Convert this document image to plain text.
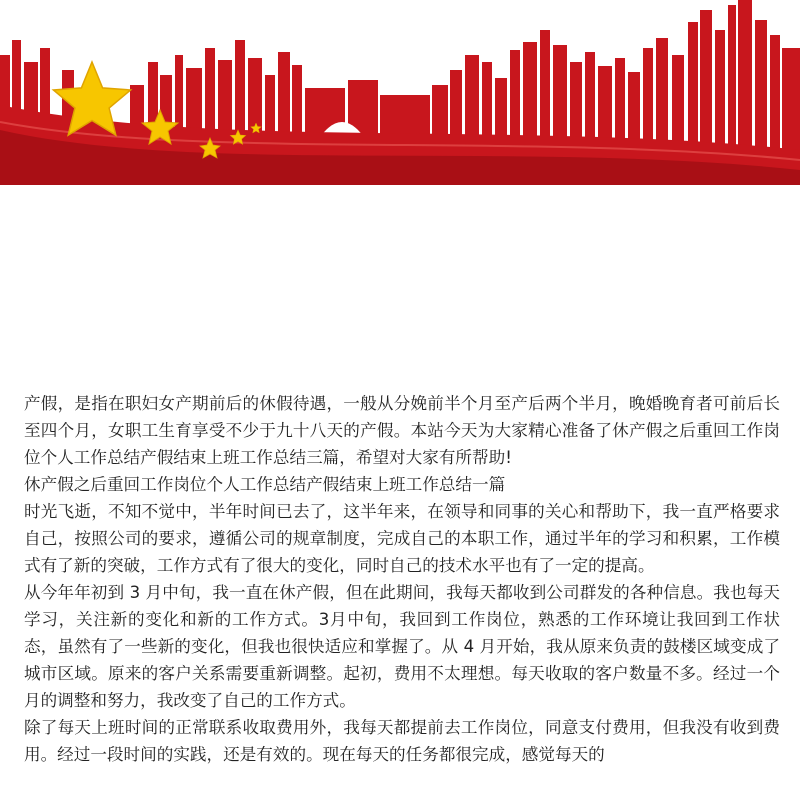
产假，是指在职妇女产期前后的休假待遇，一般从分娩前半个月至产后两个半月，晚婚晚育者可前后长至四个月，女职工生育享受不少于九十八天的产假。本站今天为大家精心准备了休产假之后重回工作岗位个人工作总结产假结束上班工作总结三篇，希望对大家有所帮助!

休产假之后重回工作岗位个人工作总结产假结束上班工作总结一篇

时光飞逝，不知不觉中，半年时间已去了，这半年来，在领导和同事的关心和帮助下，我一直严格要求自己，按照公司的要求，遵循公司的规章制度，完成自己的本职工作，通过半年的学习和积累，工作模式有了新的突破，工作方式有了很大的变化，同时自己的技术水平也有了一定的提高。

从今年年初到 3 月中旬，我一直在休产假，但在此期间，我每天都收到公司群发的各种信息。我也每天学习，关注新的变化和新的工作方式。3月中旬，我回到工作岗位，熟悉的工作环境让我回到工作状态，虽然有了一些新的变化，但我也很快适应和掌握了。从 4 月开始，我从原来负责的鼓楼区域变成了城市区域。原来的客户关系需要重新调整。起初，费用不太理想。每天收取的客户数量不多。经过一个月的调整和努力，我改变了自己的工作方式。

除了每天上班时间的正常联系收取费用外，我每天都提前去工作岗位，同意支付费用，但我没有收到费用。经过一段时间的实践，还是有效的。现在每天的任务都很完成，感觉每天的
